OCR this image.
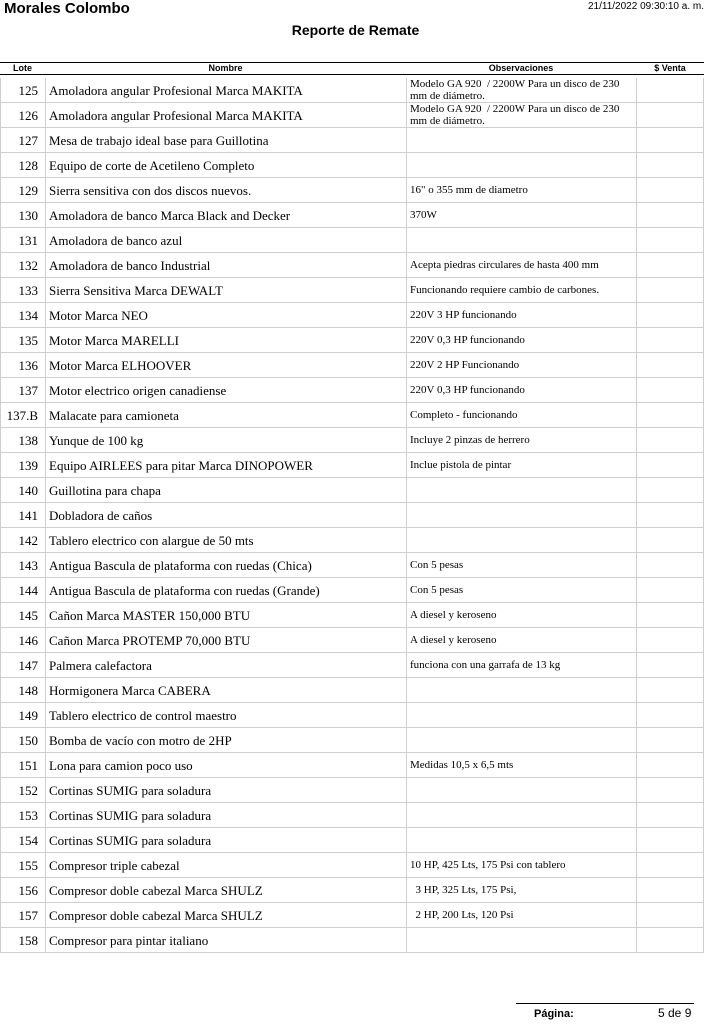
Morales Colombo	21/11/2022 09:30:10 a. m.
Reporte de Remate
Lote	Nombre	Observaciones	$ Venta
125 Amoladora angular Profesional Marca MAKITA	Modelo GA 920  / 2200W Para un disco de 230 mm de diámetro.
126 Amoladora angular Profesional Marca MAKITA	Modelo GA 920  / 2200W Para un disco de 230 mm de diámetro.
127 Mesa de trabajo ideal base para Guillotina
128 Equipo de corte de Acetileno Completo
129 Sierra sensitiva con dos discos nuevos.	16" o 355 mm de diametro
130 Amoladora de banco Marca Black and Decker	370W
131 Amoladora de banco azul
132 Amoladora de banco Industrial	Acepta piedras circulares de hasta 400 mm
133 Sierra Sensitiva Marca DEWALT	Funcionando requiere cambio de carbones.
134 Motor Marca NEO	220V 3 HP funcionando
135 Motor Marca MARELLI	220V 0,3 HP funcionando
136 Motor Marca ELHOOVER	220V 2 HP Funcionando
137 Motor electrico origen canadiense	220V 0,3 HP funcionando
137.B Malacate para camioneta	Completo - funcionando
138 Yunque de 100 kg	Incluye 2 pinzas de herrero
139 Equipo AIRLEES para pitar Marca DINOPOWER	Inclue pistola de pintar
140 Guillotina para chapa
141 Dobladora de caños
142 Tablero electrico con alargue de 50 mts
143 Antigua Bascula de plataforma con ruedas (Chica)	Con 5 pesas
144 Antigua Bascula de plataforma con ruedas (Grande)	Con 5 pesas
145 Cañon Marca MASTER 150,000 BTU	A diesel y keroseno
146 Cañon Marca PROTEMP 70,000 BTU	A diesel y keroseno
147 Palmera calefactora	funciona con una garrafa de 13 kg
148 Hormigonera Marca CABERA
149 Tablero electrico de control maestro
150 Bomba de vacío con motro de 2HP
151 Lona para camion poco uso	Medidas 10,5 x 6,5 mts
152 Cortinas SUMIG para soladura
153 Cortinas SUMIG para soladura
154 Cortinas SUMIG para soladura
155 Compresor triple cabezal	10 HP, 425 Lts, 175 Psi con tablero
156 Compresor doble cabezal Marca SHULZ	3 HP, 325 Lts, 175 Psi,
157 Compresor doble cabezal Marca SHULZ	2 HP, 200 Lts, 120 Psi
158 Compresor para pintar italiano
Página:	5 de 9
